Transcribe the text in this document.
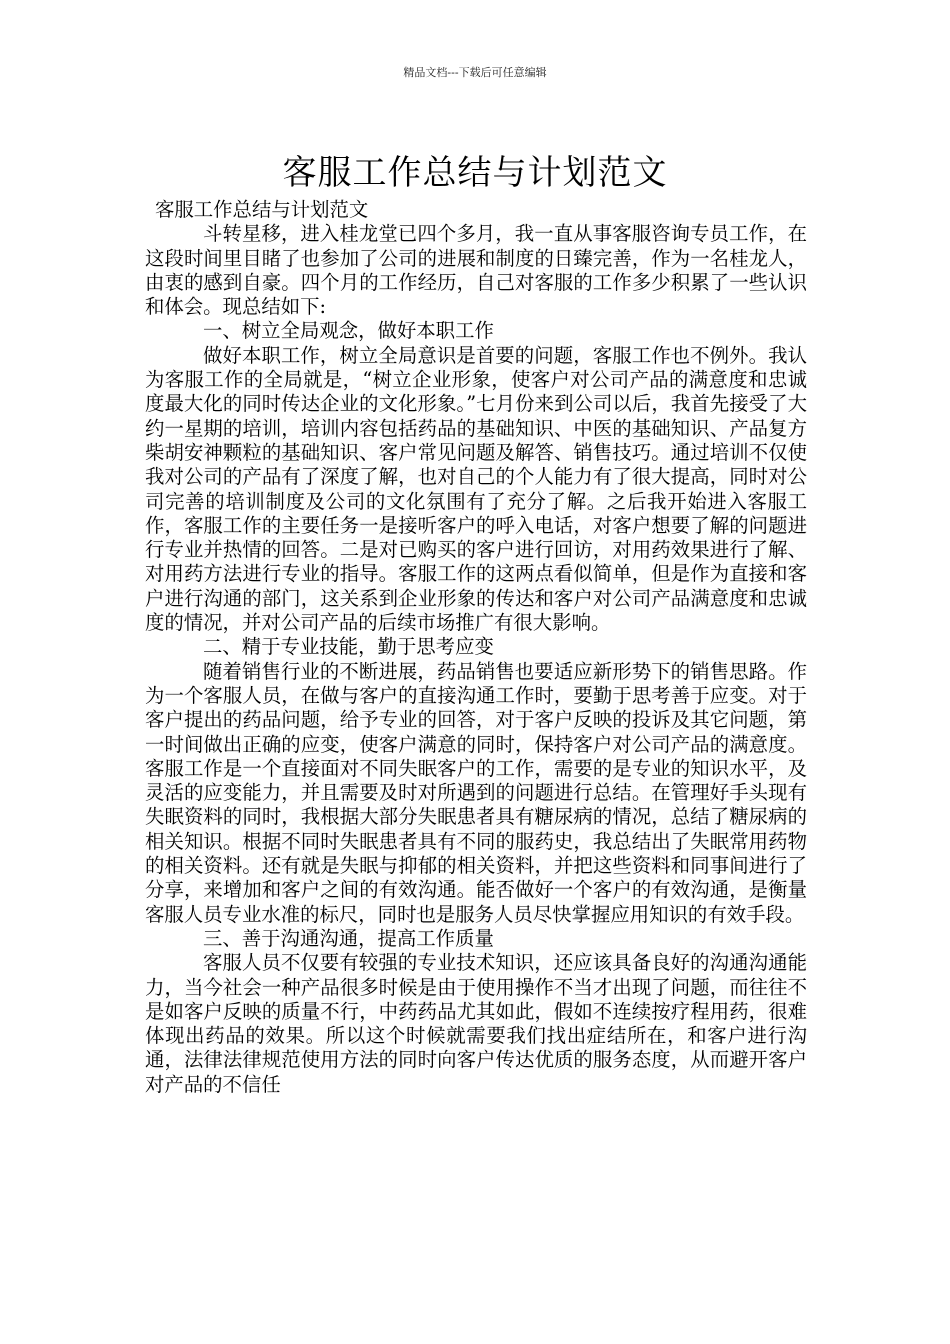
精品文档---下载后可任意编辑
客服工作总结与计划范文

客服工作总结与计划范文

斗转星移，进入桂龙堂已四个多月，我一直从事客服咨询专员工作，在这段时间里目睹了也参加了公司的进展和制度的日臻完善，作为一名桂龙人，由衷的感到自豪。四个月的工作经历，自己对客服的工作多少积累了一些认识和体会。现总结如下:

一、树立全局观念，做好本职工作

做好本职工作，树立全局意识是首要的问题，客服工作也不例外。我认为客服工作的全局就是，“树立企业形象，使客户对公司产品的满意度和忠诚度最大化的同时传达企业的文化形象。”七月份来到公司以后，我首先接受了大约一星期的培训，培训内容包括药品的基础知识、中医的基础知识、产品复方柴胡安神颗粒的基础知识、客户常见问题及解答、销售技巧。通过培训不仅使我对公司的产品有了深度了解，也对自己的个人能力有了很大提高，同时对公司完善的培训制度及公司的文化氛围有了充分了解。之后我开始进入客服工作，客服工作的主要任务一是接听客户的呼入电话，对客户想要了解的问题进行专业并热情的回答。二是对已购买的客户进行回访，对用药效果进行了解、对用药方法进行专业的指导。客服工作的这两点看似简单，但是作为直接和客户进行沟通的部门，这关系到企业形象的传达和客户对公司产品满意度和忠诚度的情况，并对公司产品的后续市场推广有很大影响。

二、精于专业技能，勤于思考应变

随着销售行业的不断进展，药品销售也要适应新形势下的销售思路。作为一个客服人员，在做与客户的直接沟通工作时，要勤于思考善于应变。对于客户提出的药品问题，给予专业的回答，对于客户反映的投诉及其它问题，第一时间做出正确的应变，使客户满意的同时，保持客户对公司产品的满意度。客服工作是一个直接面对不同失眠客户的工作，需要的是专业的知识水平，及灵活的应变能力，并且需要及时对所遇到的问题进行总结。在管理好手头现有失眠资料的同时，我根据大部分失眠患者具有糖尿病的情况，总结了糖尿病的相关知识。根据不同时失眠患者具有不同的服药史，我总结出了失眠常用药物的相关资料。还有就是失眠与抑郁的相关资料，并把这些资料和同事间进行了分享，来增加和客户之间的有效沟通。能否做好一个客户的有效沟通，是衡量客服人员专业水准的标尺，同时也是服务人员尽快掌握应用知识的有效手段。

三、善于沟通沟通，提高工作质量

客服人员不仅要有较强的专业技术知识，还应该具备良好的沟通沟通能力，当今社会一种产品很多时候是由于使用操作不当才出现了问题，而往往不是如客户反映的质量不行，中药药品尤其如此，假如不连续按疗程用药，很难体现出药品的效果。所以这个时候就需要我们找出症结所在，和客户进行沟通，法律法律规范使用方法的同时向客户传达优质的服务态度，从而避开客户对产品的不信任
